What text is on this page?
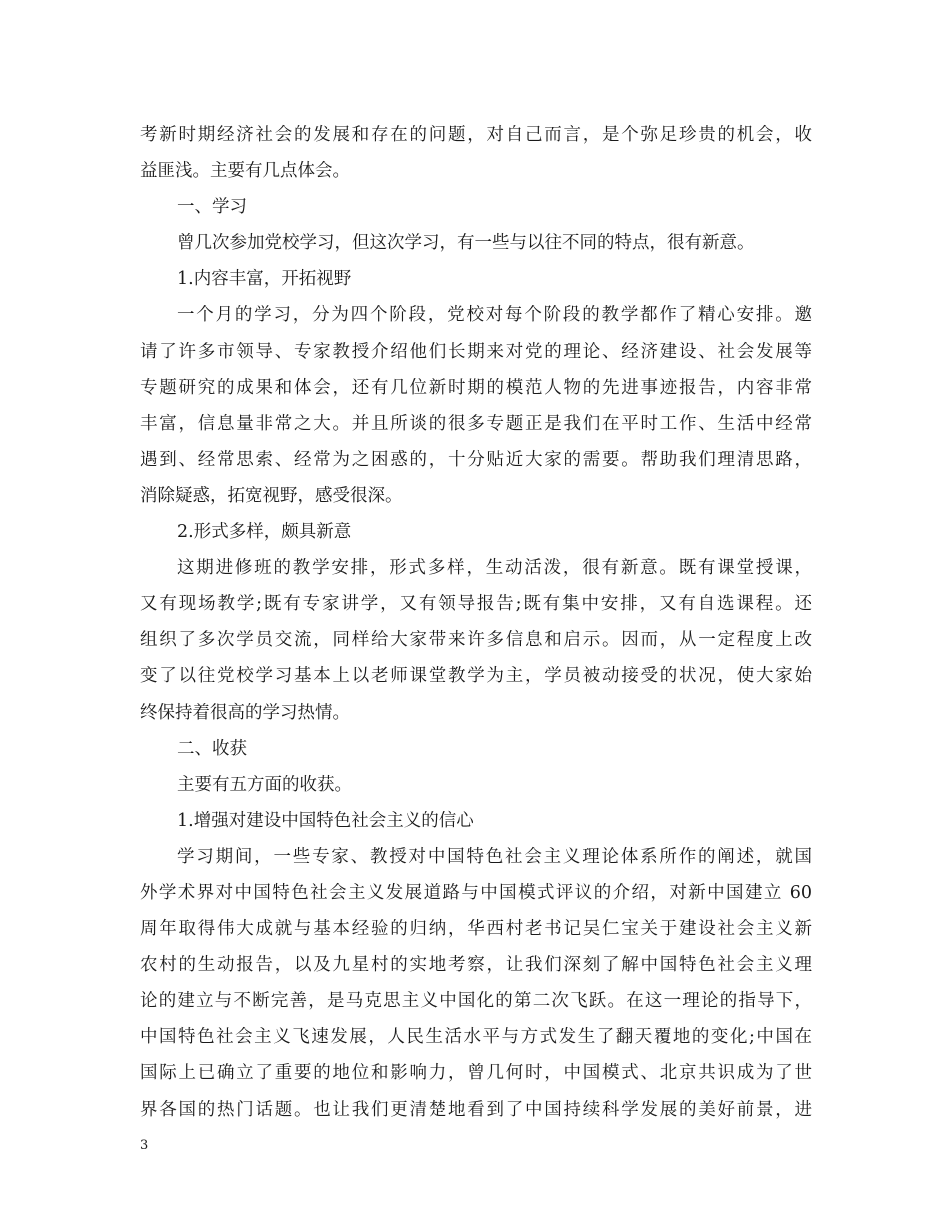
考新时期经济社会的发展和存在的问题，对自己而言，是个弥足珍贵的机会，收
益匪浅。主要有几点体会。
一、学习
曾几次参加党校学习，但这次学习，有一些与以往不同的特点，很有新意。
1.内容丰富，开拓视野
一个月的学习，分为四个阶段，党校对每个阶段的教学都作了精心安排。邀
请了许多市领导、专家教授介绍他们长期来对党的理论、经济建设、社会发展等
专题研究的成果和体会，还有几位新时期的模范人物的先进事迹报告，内容非常
丰富，信息量非常之大。并且所谈的很多专题正是我们在平时工作、生活中经常
遇到、经常思索、经常为之困惑的，十分贴近大家的需要。帮助我们理清思路，
消除疑惑，拓宽视野，感受很深。
2.形式多样，颇具新意
这期进修班的教学安排，形式多样，生动活泼，很有新意。既有课堂授课，
又有现场教学;既有专家讲学，又有领导报告;既有集中安排，又有自选课程。还
组织了多次学员交流，同样给大家带来许多信息和启示。因而，从一定程度上改
变了以往党校学习基本上以老师课堂教学为主，学员被动接受的状况，使大家始
终保持着很高的学习热情。
二、收获
主要有五方面的收获。
1.增强对建设中国特色社会主义的信心
学习期间，一些专家、教授对中国特色社会主义理论体系所作的阐述，就国
外学术界对中国特色社会主义发展道路与中国模式评议的介绍，对新中国建立 60
周年取得伟大成就与基本经验的归纳，华西村老书记吴仁宝关于建设社会主义新
农村的生动报告，以及九星村的实地考察，让我们深刻了解中国特色社会主义理
论的建立与不断完善，是马克思主义中国化的第二次飞跃。在这一理论的指导下，
中国特色社会主义飞速发展，人民生活水平与方式发生了翻天覆地的变化;中国在
国际上已确立了重要的地位和影响力，曾几何时，中国模式、北京共识成为了世
界各国的热门话题。也让我们更清楚地看到了中国持续科学发展的美好前景，进
3
